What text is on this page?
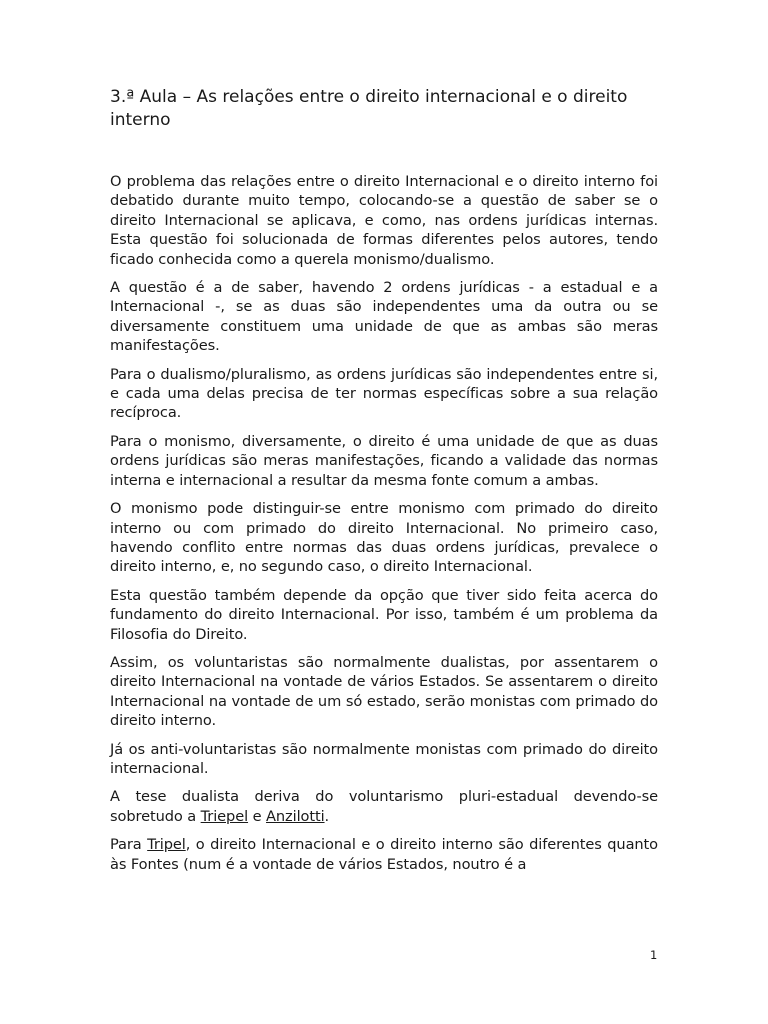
3.ª Aula – As relações entre o direito internacional e o direito interno

O problema das relações entre o direito Internacional e o direito interno foi debatido durante muito tempo, colocando-se a questão de saber se o direito Internacional se aplicava, e como, nas ordens jurídicas internas. Esta questão foi solucionada de formas diferentes pelos autores, tendo ficado conhecida como a querela monismo/dualismo.

A questão é a de saber, havendo 2 ordens jurídicas - a estadual e a Internacional -, se as duas são independentes uma da outra ou se diversamente constituem uma unidade de que as ambas são meras manifestações.

Para o dualismo/pluralismo, as ordens jurídicas são independentes entre si, e cada uma delas precisa de ter normas específicas sobre a sua relação recíproca.

Para o monismo, diversamente, o direito é uma unidade de que as duas ordens jurídicas são meras manifestações, ficando a validade das normas interna e internacional a resultar da mesma fonte comum a ambas.

O monismo pode distinguir-se entre monismo com primado do direito interno ou com primado do direito Internacional. No primeiro caso, havendo conflito entre normas das duas ordens jurídicas, prevalece o direito interno, e, no segundo caso, o direito Internacional.

Esta questão também depende da opção que tiver sido feita acerca do fundamento do direito Internacional. Por isso, também é um problema da Filosofia do Direito.

Assim, os voluntaristas são normalmente dualistas, por assentarem o direito Internacional na vontade de vários Estados. Se assentarem o direito Internacional na vontade de um só estado, serão monistas com primado do direito interno.

Já os anti-voluntaristas são normalmente monistas com primado do direito internacional.

A tese dualista deriva do voluntarismo pluri-estadual devendo-se sobretudo a Triepel e Anzilotti.

Para Tripel, o direito Internacional e o direito interno são diferentes quanto às Fontes (num é a vontade de vários Estados, noutro é a

1
